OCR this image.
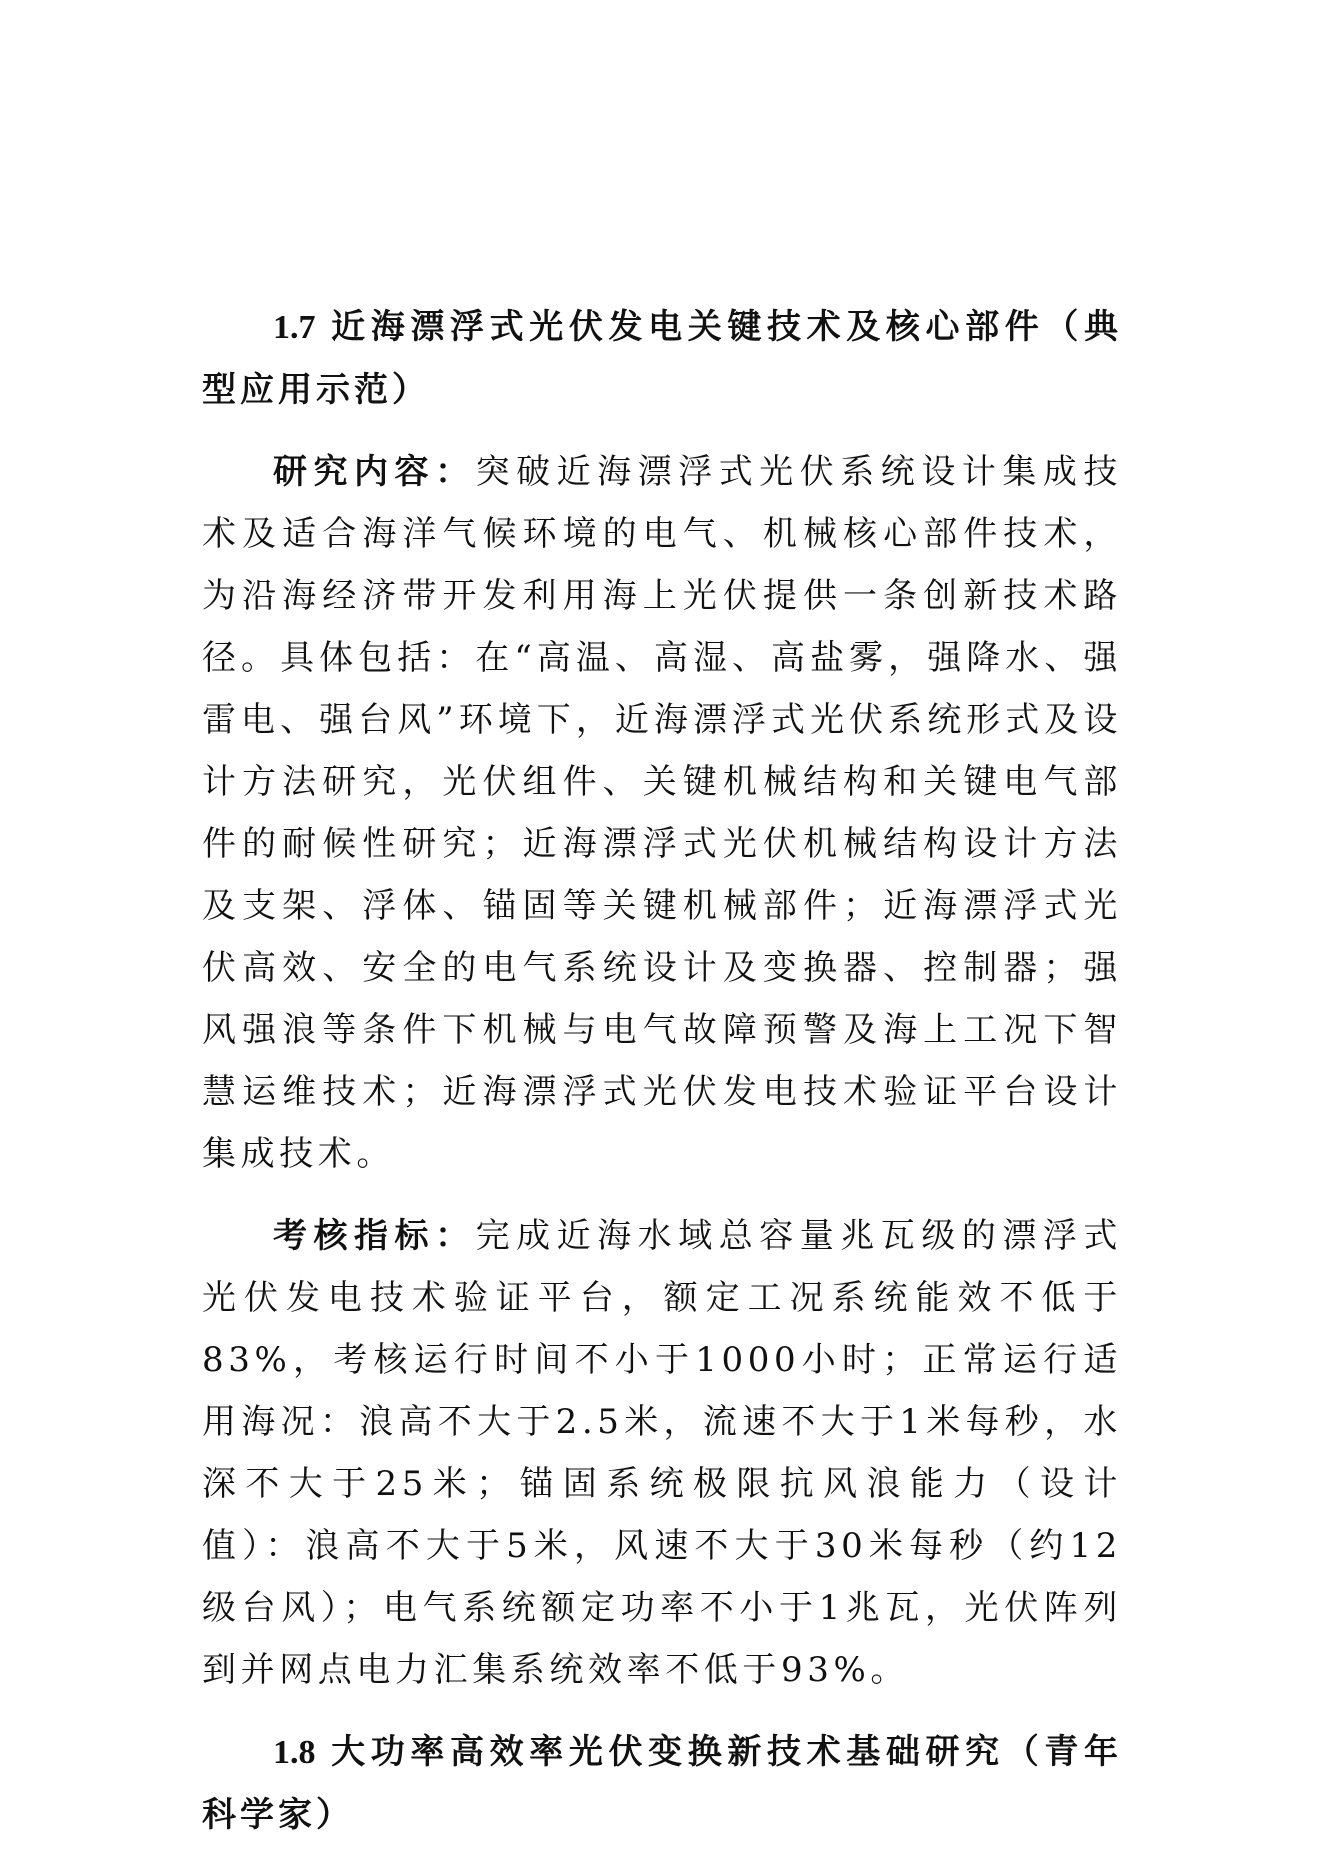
1.7 近海漂浮式光伏发电关键技术及核心部件（典型应用示范）

研究内容：突破近海漂浮式光伏系统设计集成技术及适合海洋气候环境的电气、机械核心部件技术，为沿海经济带开发利用海上光伏提供一条创新技术路径。具体包括：在“高温、高湿、高盐雾，强降水、强雷电、强台风”环境下，近海漂浮式光伏系统形式及设计方法研究，光伏组件、关键机械结构和关键电气部件的耐候性研究；近海漂浮式光伏机械结构设计方法及支架、浮体、锚固等关键机械部件；近海漂浮式光伏高效、安全的电气系统设计及变换器、控制器；强风强浪等条件下机械与电气故障预警及海上工况下智慧运维技术；近海漂浮式光伏发电技术验证平台设计集成技术。

考核指标：完成近海水域总容量兆瓦级的漂浮式光伏发电技术验证平台，额定工况系统能效不低于83%，考核运行时间不小于1000小时；正常运行适用海况：浪高不大于2.5米，流速不大于1米每秒，水深不大于25米；锚固系统极限抗风浪能力（设计值）：浪高不大于5米，风速不大于30米每秒（约12级台风）；电气系统额定功率不小于1兆瓦，光伏阵列到并网点电力汇集系统效率不低于93%。

1.8 大功率高效率光伏变换新技术基础研究（青年科学家）
